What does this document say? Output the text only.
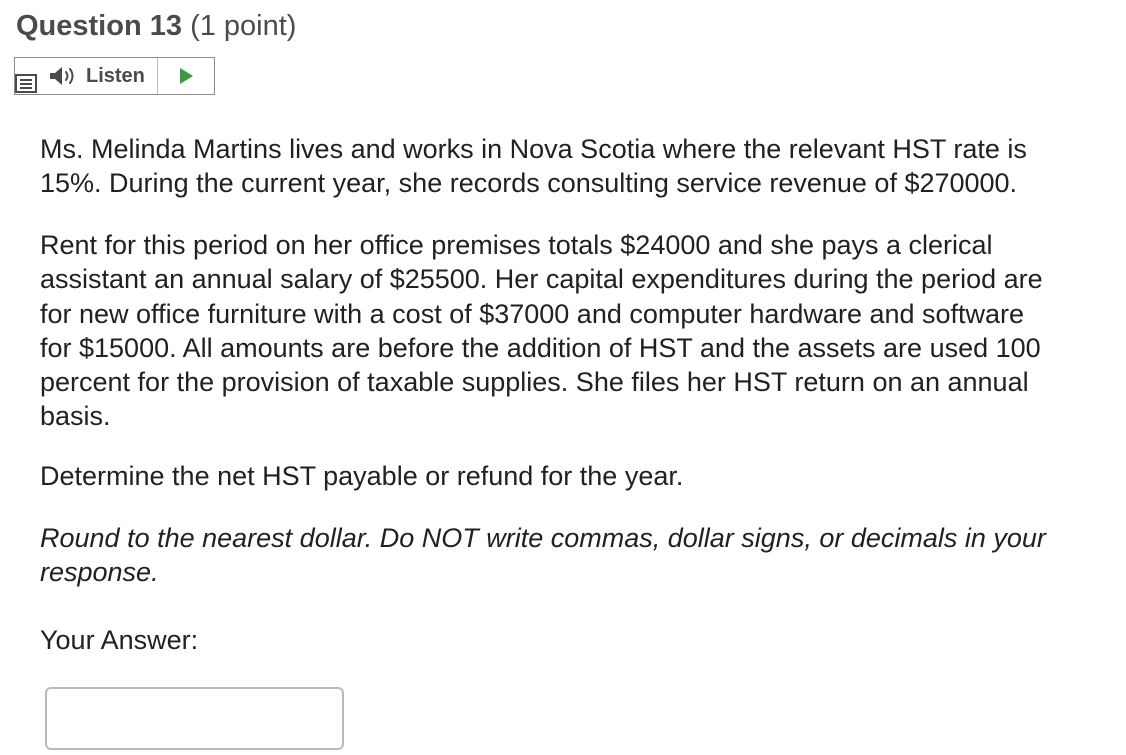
Question 13 (1 point)
Listen

Ms. Melinda Martins lives and works in Nova Scotia where the relevant HST rate is
15%. During the current year, she records consulting service revenue of $270000.

Rent for this period on her office premises totals $24000 and she pays a clerical
assistant an annual salary of $25500. Her capital expenditures during the period are
for new office furniture with a cost of $37000 and computer hardware and software
for $15000. All amounts are before the addition of HST and the assets are used 100
percent for the provision of taxable supplies. She files her HST return on an annual
basis.

Determine the net HST payable or refund for the year.

Round to the nearest dollar. Do NOT write commas, dollar signs, or decimals in your
response.

Your Answer:
